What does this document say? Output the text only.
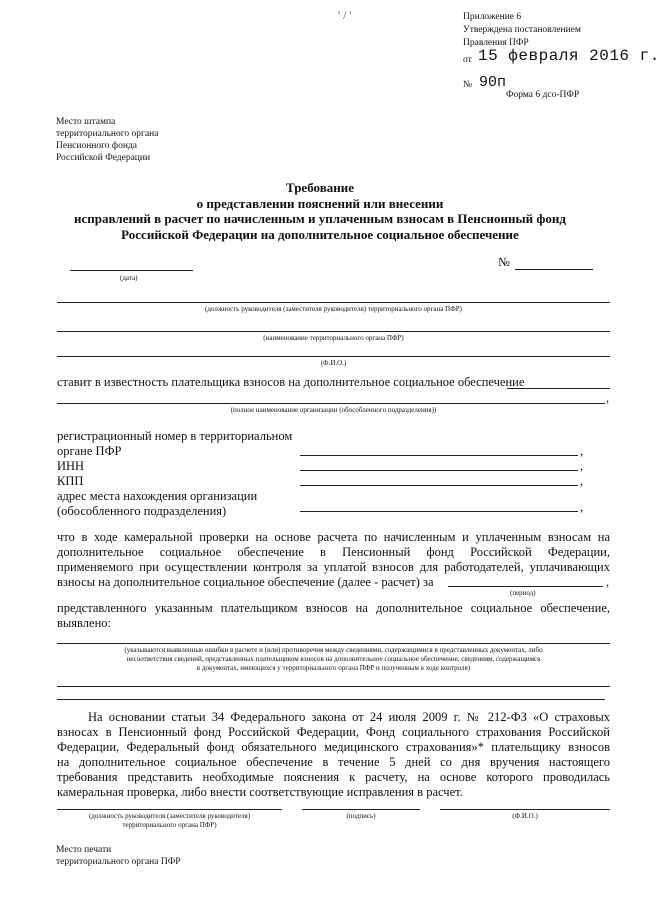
' / '	Приложение 6
Утверждена постановлением
Правления ПФР
от 15 февраля 2016 г.
№ 90п
Форма 6 дсо-ПФР
Место штампа
территориального органа
Пенсионного фонда
Российской Федерации
Требование
о представлении пояснений или внесении
исправлений в расчет по начисленным и уплаченным взносам в Пенсионный фонд
Российской Федерации на дополнительное социальное обеспечение
(дата)
№
(должность руководителя (заместителя руководителя) территориального органа ПФР)
(наименование территориального органа ПФР)
(Ф.И.О.)
ставит в известность плательщика взносов на дополнительное социальное обеспечение
,
(полное наименование организации (обособленного подразделения))
регистрационный номер в территориальном
органе ПФР	,
ИНН	,
КПП	,
адрес места нахождения организации
(обособленного подразделения)	,
что в ходе камеральной проверки на основе расчета по начисленным и уплаченным взносам на
дополнительное социальное обеспечение в Пенсионный фонд Российской Федерации,
применяемого при осуществлении контроля за уплатой взносов для работодателей, уплачивающих
взносы на дополнительное социальное обеспечение (далее - расчет) за	,
(период)
представленного указанным плательщиком взносов на дополнительное социальное обеспечение,
выявлено:
(указываются выявленные ошибки в расчете и (или) противоречия между сведениями, содержащимися в представленных документах, либо
несоответствия сведений, представленных плательщиком взносов на дополнительное социальное обеспечение, сведениям, содержащимся
в документах, имеющихся у территориального органа ПФР и полученным в ходе контроля)
На основании статьи 34 Федерального закона от 24 июля 2009 г. № 212-ФЗ «О страховых
взносах в Пенсионный фонд Российской Федерации, Фонд социального страхования Российской
Федерации, Федеральный фонд обязательного медицинского страхования»* плательщику взносов
на дополнительное социальное обеспечение в течение 5 дней со дня вручения настоящего
требования представить необходимые пояснения к расчету, на основе которого проводилась
камеральная проверка, либо внести соответствующие исправления в расчет.
(должность руководителя (заместителя руководителя)
территориального органа ПФР)
(подпись)	(Ф.И.О.)
Место печати
территориального органа ПФР
